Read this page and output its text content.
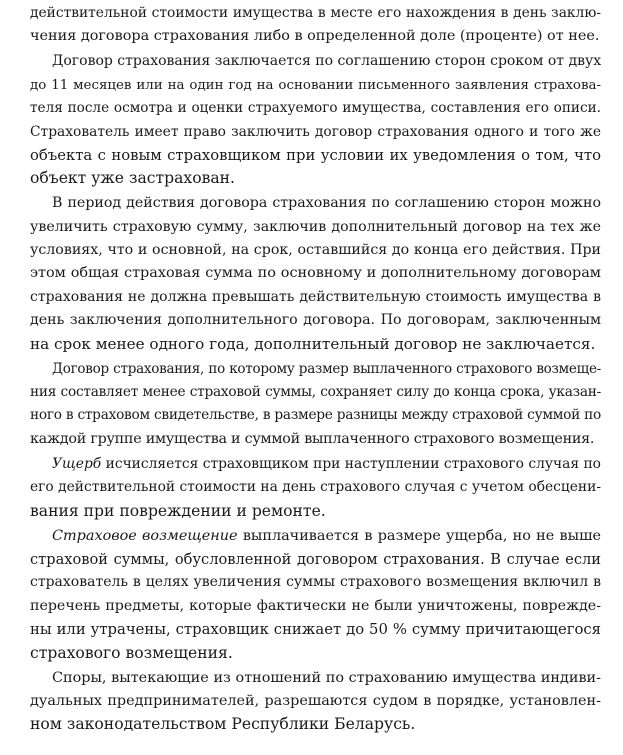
действительной стоимости имущества в месте его нахождения в день заклю-
чения договора страхования либо в определенной доле (проценте) от нее.
Договор страхования заключается по соглашению сторон сроком от двух
до 11 месяцев или на один год на основании письменного заявления страхова-
теля после осмотра и оценки страхуемого имущества, составления его описи.
Страхователь имеет право заключить договор страхования одного и того же
объекта с новым страховщиком при условии их уведомления о том, что
объект уже застрахован.
В период действия договора страхования по соглашению сторон можно
увеличить страховую сумму, заключив дополнительный договор на тех же
условиях, что и основной, на срок, оставшийся до конца его действия. При
этом общая страховая сумма по основному и дополнительному договорам
страхования не должна превышать действительную стоимость имущества в
день заключения дополнительного договора. По договорам, заключенным
на срок менее одного года, дополнительный договор не заключается.
Договор страхования, по которому размер выплаченного страхового возмеще-
ния составляет менее страховой суммы, сохраняет силу до конца срока, указан-
ного в страховом свидетельстве, в размере разницы между страховой суммой по
каждой группе имущества и суммой выплаченного страхового возмещения.
Ущерб исчисляется страховщиком при наступлении страхового случая по
его действительной стоимости на день страхового случая с учетом обесцени-
вания при повреждении и ремонте.
Страховое возмещение выплачивается в размере ущерба, но не выше
страховой суммы, обусловленной договором страхования. В случае если
страхователь в целях увеличения суммы страхового возмещения включил в
перечень предметы, которые фактически не были уничтожены, поврежде-
ны или утрачены, страховщик снижает до 50 % сумму причитающегося
страхового возмещения.
Споры, вытекающие из отношений по страхованию имущества индиви-
дуальных предпринимателей, разрешаются судом в порядке, установлен-
ном законодательством Республики Беларусь.
